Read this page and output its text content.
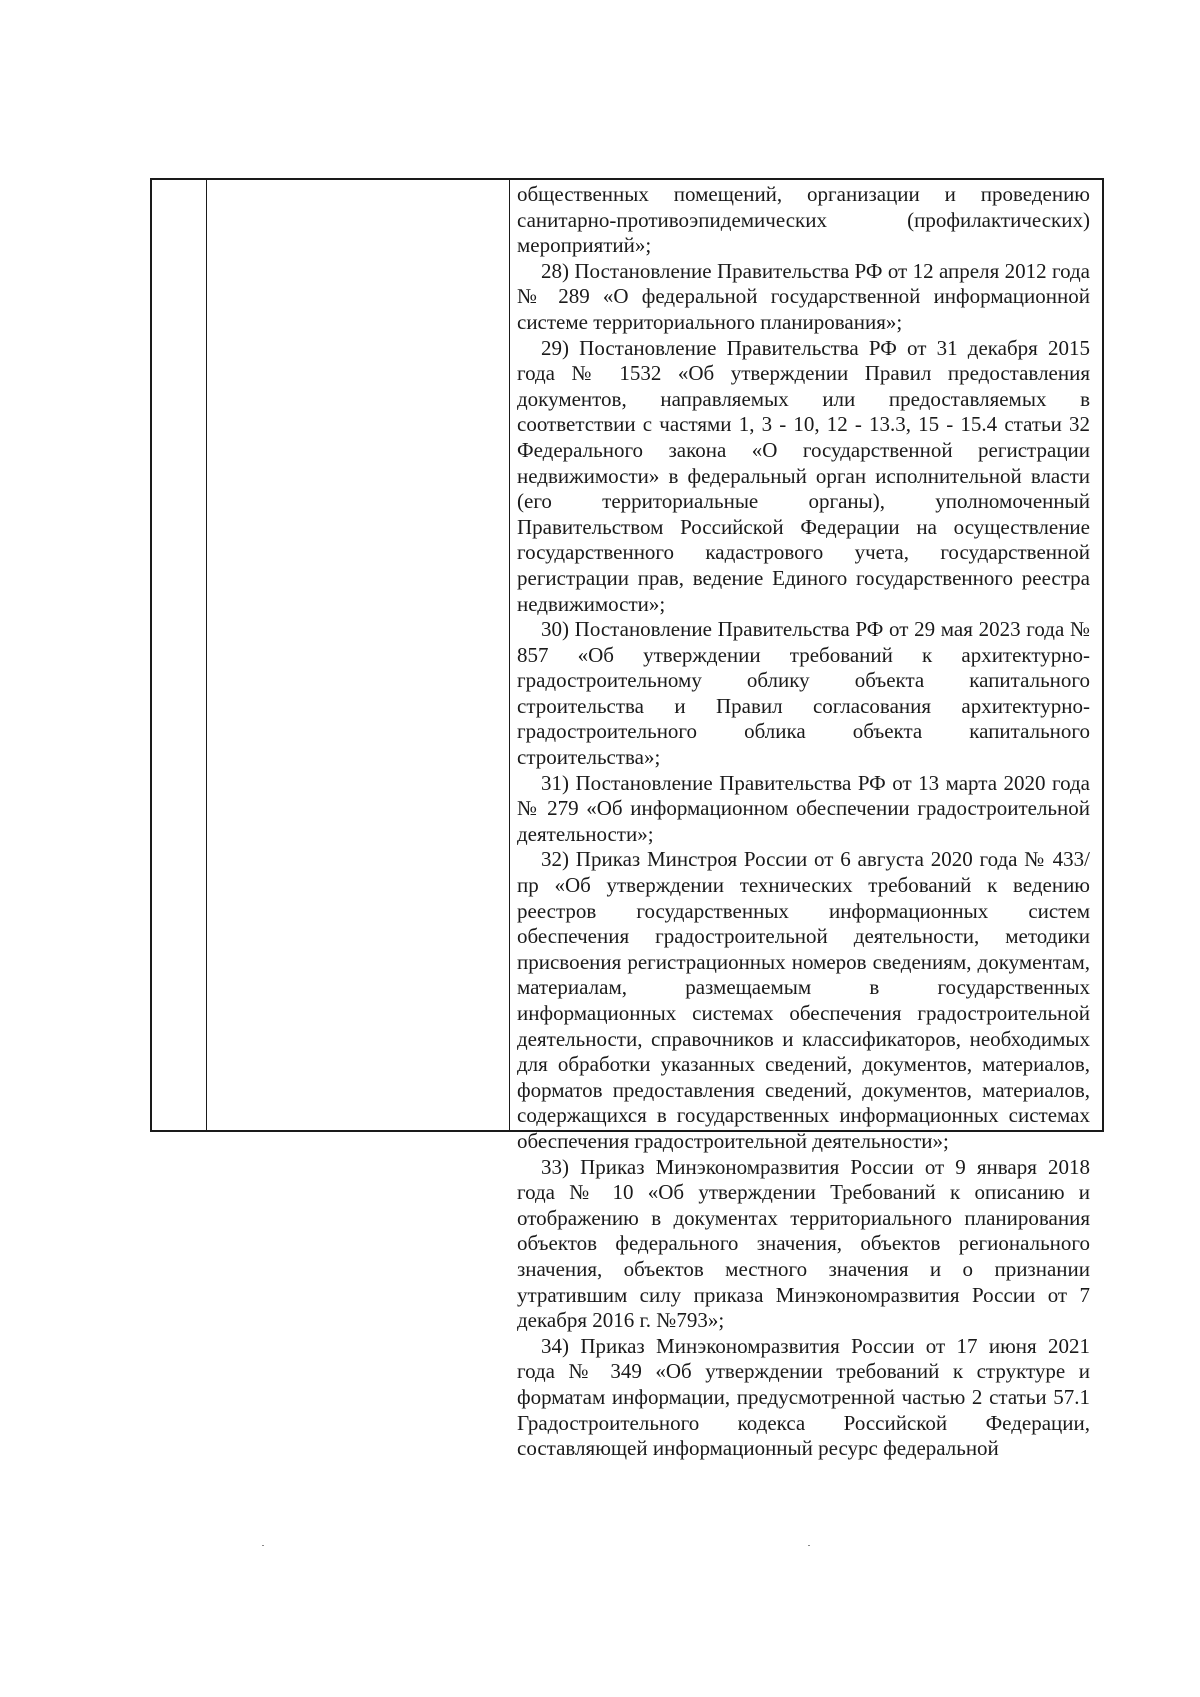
общественных помещений, организации и проведению санитарно-противоэпидемических (профилактических) мероприятий»;

28) Постановление Правительства РФ от 12 апреля 2012 года № 289 «О федеральной государственной информационной системе территориального планирования»;

29) Постановление Правительства РФ от 31 декабря 2015 года № 1532 «Об утверждении Правил предоставления документов, направляемых или предоставляемых в соответствии с частями 1, 3 - 10, 12 - 13.3, 15 - 15.4 статьи 32 Федерального закона «О государственной регистрации недвижимости» в федеральный орган исполнительной власти (его территориальные органы), уполномоченный Правительством Российской Федерации на осуществление государственного кадастрового учета, государственной регистрации прав, ведение Единого государственного реестра недвижимости»;

30) Постановление Правительства РФ от 29 мая 2023 года № 857 «Об утверждении требований к архитектурно-градостроительному облику объекта капитального строительства и Правил согласования архитектурно-градостроительного облика объекта капитального строительства»;

31) Постановление Правительства РФ от 13 марта 2020 года № 279 «Об информационном обеспечении градостроительной деятельности»;

32) Приказ Минстроя России от 6 августа 2020 года № 433/пр «Об утверждении технических требований к ведению реестров государственных информационных систем обеспечения градостроительной деятельности, методики присвоения регистрационных номеров сведениям, документам, материалам, размещаемым в государственных информационных системах обеспечения градостроительной деятельности, справочников и классификаторов, необходимых для обработки указанных сведений, документов, материалов, форматов предоставления сведений, документов, материалов, содержащихся в государственных информационных системах обеспечения градостроительной деятельности»;

33) Приказ Минэкономразвития России от 9 января 2018 года № 10 «Об утверждении Требований к описанию и отображению в документах территориального планирования объектов федерального значения, объектов регионального значения, объектов местного значения и о признании утратившим силу приказа Минэкономразвития России от 7 декабря 2016 г. №793»;

34) Приказ Минэкономразвития России от 17 июня 2021 года № 349 «Об утверждении требований к структуре и форматам информации, предусмотренной частью 2 статьи 57.1 Градостроительного кодекса Российской Федерации, составляющей информационный ресурс федеральной
